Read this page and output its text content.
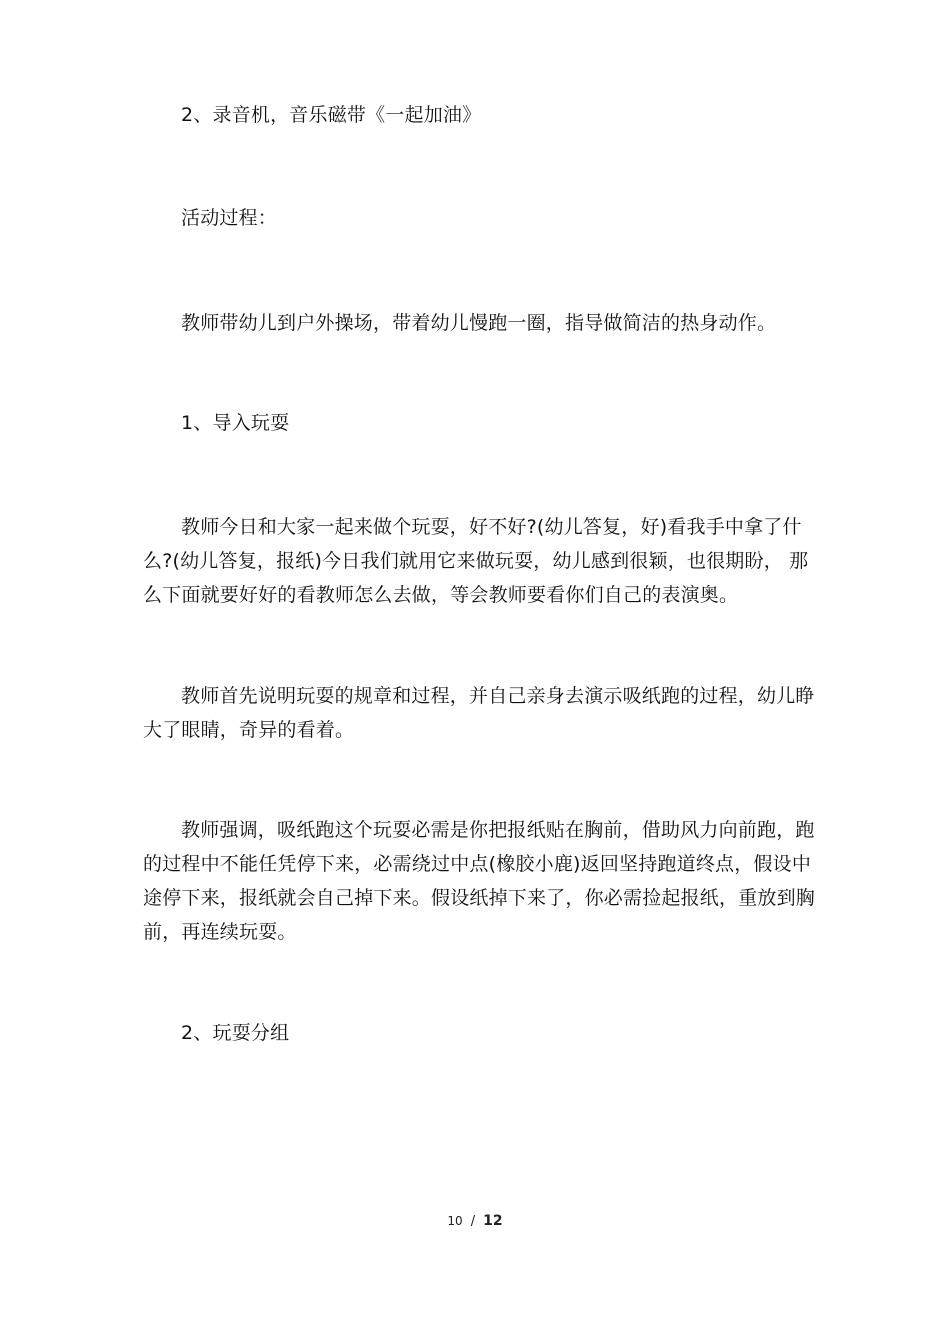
2、录音机，音乐磁带《一起加油》

活动过程：

教师带幼儿到户外操场，带着幼儿慢跑一圈，指导做简洁的热身动作。

1、导入玩耍

教师今日和大家一起来做个玩耍，好不好?(幼儿答复，好)看我手中拿了什么?(幼儿答复，报纸)今日我们就用它来做玩耍，幼儿感到很颖，也很期盼， 那么下面就要好好的看教师怎么去做，等会教师要看你们自己的表演奥。

教师首先说明玩耍的规章和过程，并自己亲身去演示吸纸跑的过程，幼儿睁大了眼睛，奇异的看着。

教师强调，吸纸跑这个玩耍必需是你把报纸贴在胸前，借助风力向前跑，跑的过程中不能任凭停下来，必需绕过中点(橡胶小鹿)返回坚持跑道终点，假设中途停下来，报纸就会自己掉下来。假设纸掉下来了，你必需捡起报纸，重放到胸前，再连续玩耍。

2、玩耍分组

10 / 12
